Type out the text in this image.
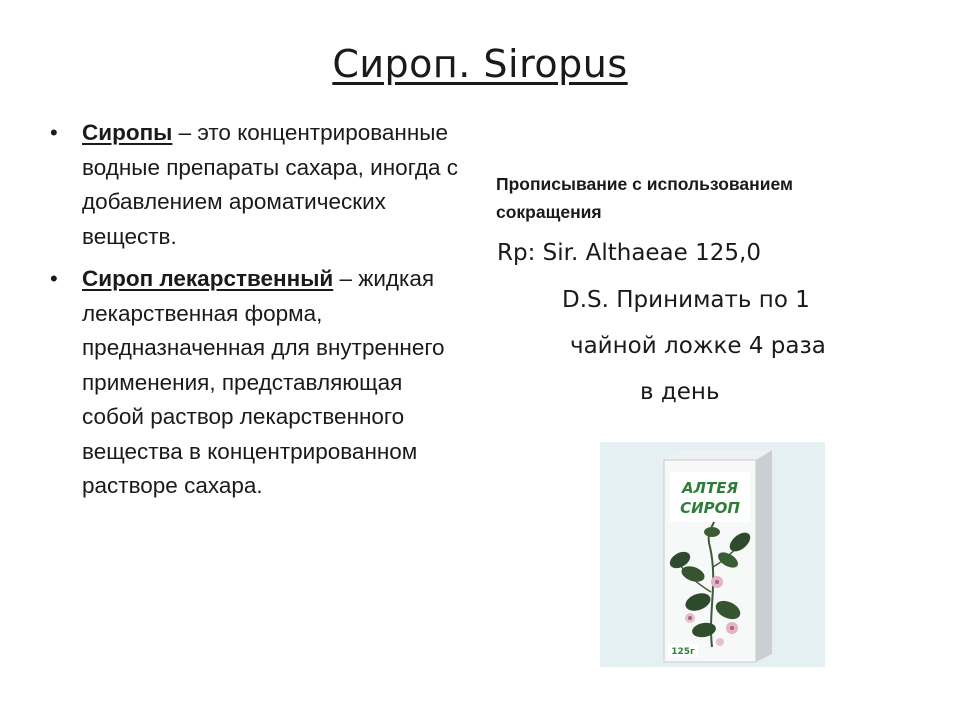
Сироп. Siropus
• Сиропы – это концентрированные водные препараты сахара, иногда с добавлением ароматических веществ.
• Сироп лекарственный – жидкая лекарственная форма, предназначенная для внутреннего применения, представляющая собой раствор лекарственного вещества в концентрированном растворе сахара.
Прописывание с использованием сокращения
Rp: Sir. Althaeae 125,0
D.S. Принимать по 1
чайной ложке 4 раза
в день
АЛТЕЯ
СИРОП
125г
